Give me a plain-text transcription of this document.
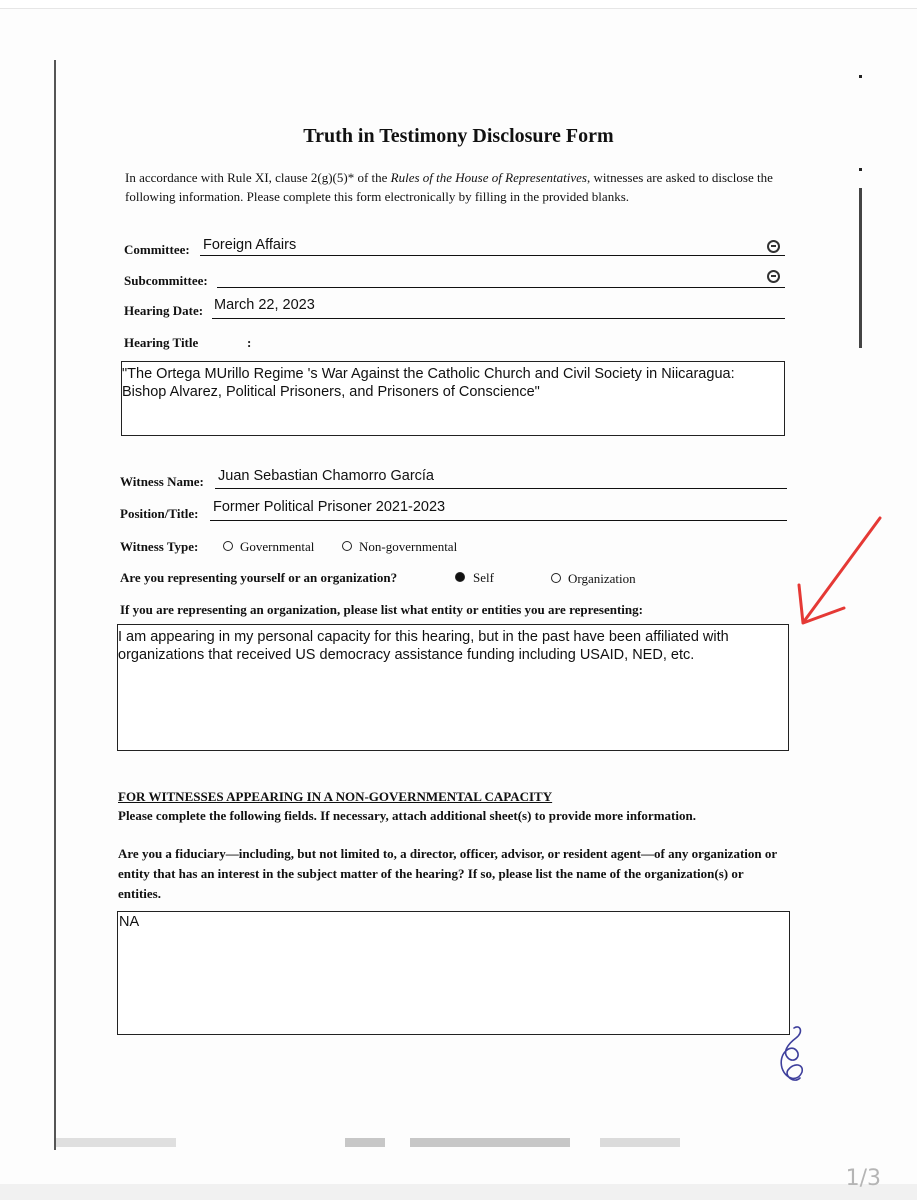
Truth in Testimony Disclosure Form
In accordance with Rule XI, clause 2(g)(5)* of the Rules of the House of Representatives, witnesses are asked to disclose the following information. Please complete this form electronically by filling in the provided blanks.
Committee: Foreign Affairs
Subcommittee:
Hearing Date: March 22, 2023
Hearing Title	:
"The Ortega MUrillo Regime 's War Against the Catholic Church and Civil Society in Niicaragua: Bishop Alvarez, Political Prisoners, and Prisoners of Conscience"
Witness Name: Juan Sebastian Chamorro García
Position/Title: Former Political Prisoner 2021-2023
Witness Type:	Governmental	Non-governmental
Are you representing yourself or an organization?	Self	Organization
If you are representing an organization, please list what entity or entities you are representing:
I am appearing in my personal capacity for this hearing, but in the past have been affiliated with organizations that received US democracy assistance funding including USAID, NED, etc.
FOR WITNESSES APPEARING IN A NON-GOVERNMENTAL CAPACITY
Please complete the following fields. If necessary, attach additional sheet(s) to provide more information.
Are you a fiduciary—including, but not limited to, a director, officer, advisor, or resident agent—of any organization or entity that has an interest in the subject matter of the hearing? If so, please list the name of the organization(s) or entities.
NA
1/3
